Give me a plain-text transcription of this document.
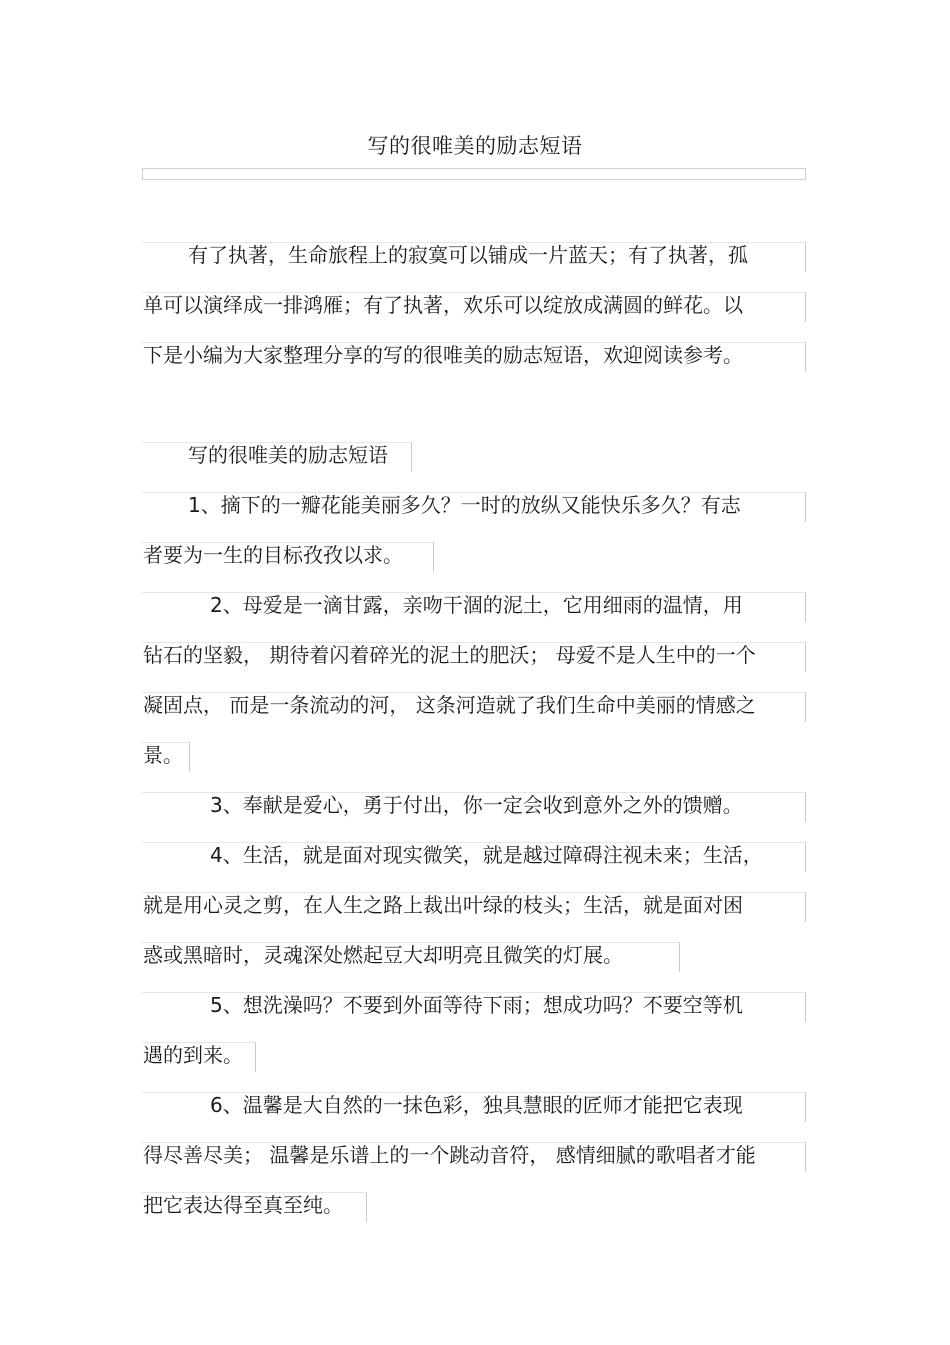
写的很唯美的励志短语
有了执著，生命旅程上的寂寞可以铺成一片蓝天；有了执著，孤
单可以演绎成一排鸿雁；有了执著，欢乐可以绽放成满圆的鲜花。以
下是小编为大家整理分享的写的很唯美的励志短语，欢迎阅读参考。
写的很唯美的励志短语
1、摘下的一瓣花能美丽多久？一时的放纵又能快乐多久？有志
者要为一生的目标孜孜以求。
2、母爱是一滴甘露，亲吻干涸的泥土，它用细雨的温情，用
钻石的坚毅， 期待着闪着碎光的泥土的肥沃； 母爱不是人生中的一个
凝固点， 而是一条流动的河， 这条河造就了我们生命中美丽的情感之
景。
3、奉献是爱心，勇于付出，你一定会收到意外之外的馈赠。
4、生活，就是面对现实微笑，就是越过障碍注视未来；生活，
就是用心灵之剪，在人生之路上裁出叶绿的枝头；生活，就是面对困
惑或黑暗时，灵魂深处燃起豆大却明亮且微笑的灯展。
5、想洗澡吗？不要到外面等待下雨；想成功吗？不要空等机
遇的到来。
6、温馨是大自然的一抹色彩，独具慧眼的匠师才能把它表现
得尽善尽美； 温馨是乐谱上的一个跳动音符， 感情细腻的歌唱者才能
把它表达得至真至纯。
